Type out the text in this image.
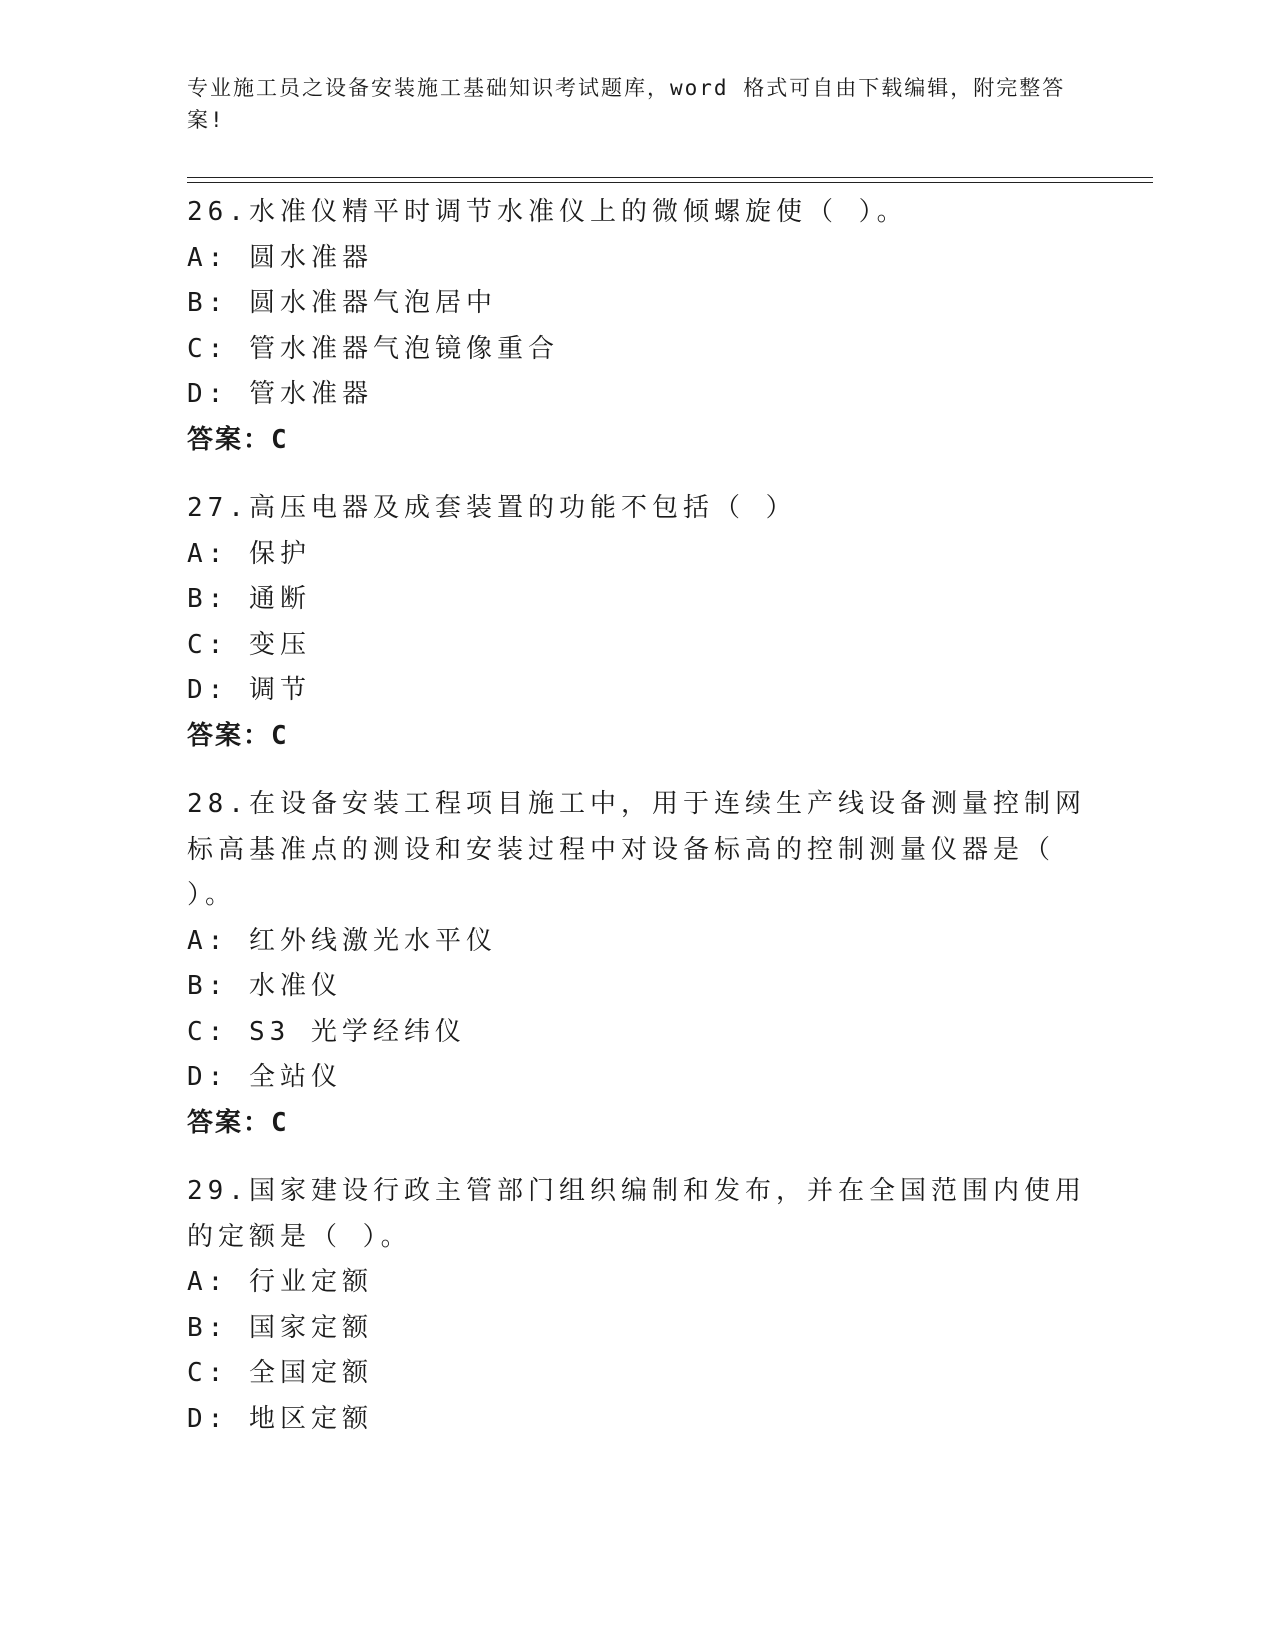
专业施工员之设备安装施工基础知识考试题库，word 格式可自由下载编辑，附完整答案!
26.水准仪精平时调节水准仪上的微倾螺旋使（ ）。
A: 圆水准器
B: 圆水准器气泡居中
C: 管水准器气泡镜像重合
D: 管水准器
答案：C
27.高压电器及成套装置的功能不包括（ ）
A: 保护
B: 通断
C: 变压
D: 调节
答案：C
28.在设备安装工程项目施工中，用于连续生产线设备测量控制网标高基准点的测设和安装过程中对设备标高的控制测量仪器是（ ）。
A: 红外线激光水平仪
B: 水准仪
C: S3 光学经纬仪
D: 全站仪
答案：C
29.国家建设行政主管部门组织编制和发布，并在全国范围内使用的定额是（ ）。
A: 行业定额
B: 国家定额
C: 全国定额
D: 地区定额
